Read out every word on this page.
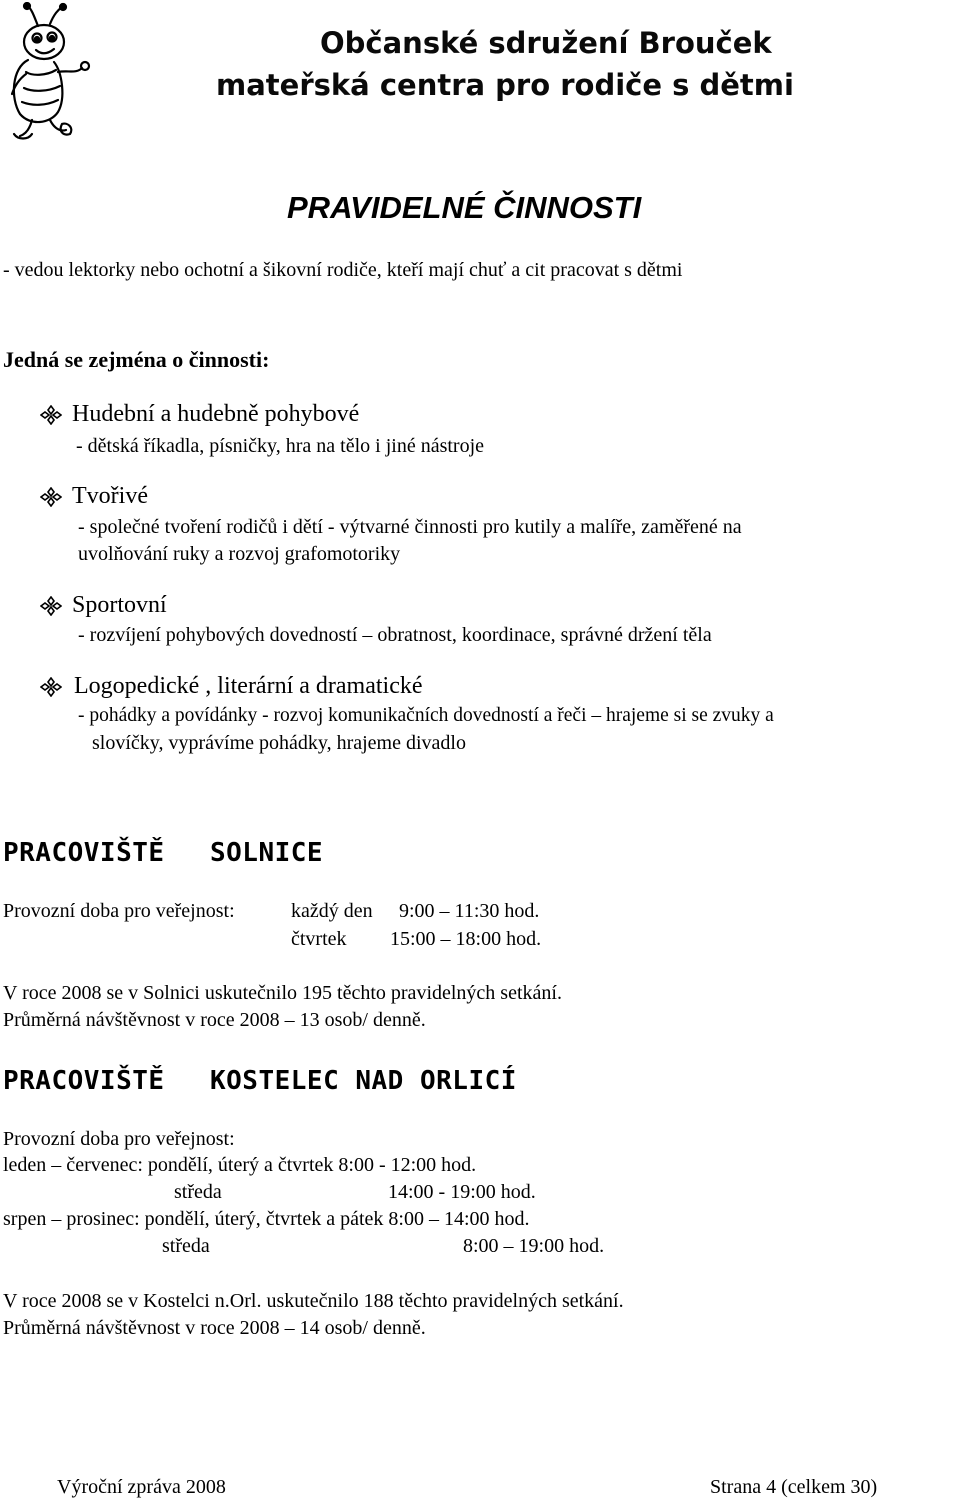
Občanské sdružení Brouček
mateřská centra pro rodiče s dětmi
PRAVIDELNÉ ČINNOSTI
- vedou lektorky nebo ochotní a šikovní rodiče, kteří mají chuť a cit pracovat s dětmi
Jedná se zejména o činnosti:
Hudební a hudebně pohybové
- dětská říkadla, písničky, hra na tělo i jiné nástroje
Tvořivé
- společné tvoření rodičů i dětí - výtvarné činnosti pro kutily a malíře, zaměřené na
uvolňování ruky a rozvoj grafomotoriky
Sportovní
- rozvíjení pohybových dovedností – obratnost, koordinace, správné držení těla
Logopedické , literární a dramatické
- pohádky a povídánky - rozvoj komunikačních dovedností a řeči – hrajeme si se zvuky a
slovíčky, vyprávíme pohádky, hrajeme divadlo
PRACOVIŠTĚ SOLNICE
Provozní doba pro veřejnost:	každý den 9:00 – 11:30 hod.
čtvrtek 15:00 – 18:00 hod.
V roce 2008 se v Solnici uskutečnilo 195 těchto pravidelných setkání.
Průměrná návštěvnost v roce 2008 – 13 osob/ denně.
PRACOVIŠTĚ KOSTELEC NAD ORLICÍ
Provozní doba pro veřejnost:
leden – červenec: pondělí, úterý a čtvrtek 8:00 - 12:00 hod.
středa	14:00 - 19:00 hod.
srpen – prosinec: pondělí, úterý, čtvrtek a pátek 8:00 – 14:00 hod.
středa	8:00 – 19:00 hod.
V roce 2008 se v Kostelci n.Orl. uskutečnilo 188 těchto pravidelných setkání.
Průměrná návštěvnost v roce 2008 – 14 osob/ denně.
Výroční zpráva 2008	Strana 4 (celkem 30)
